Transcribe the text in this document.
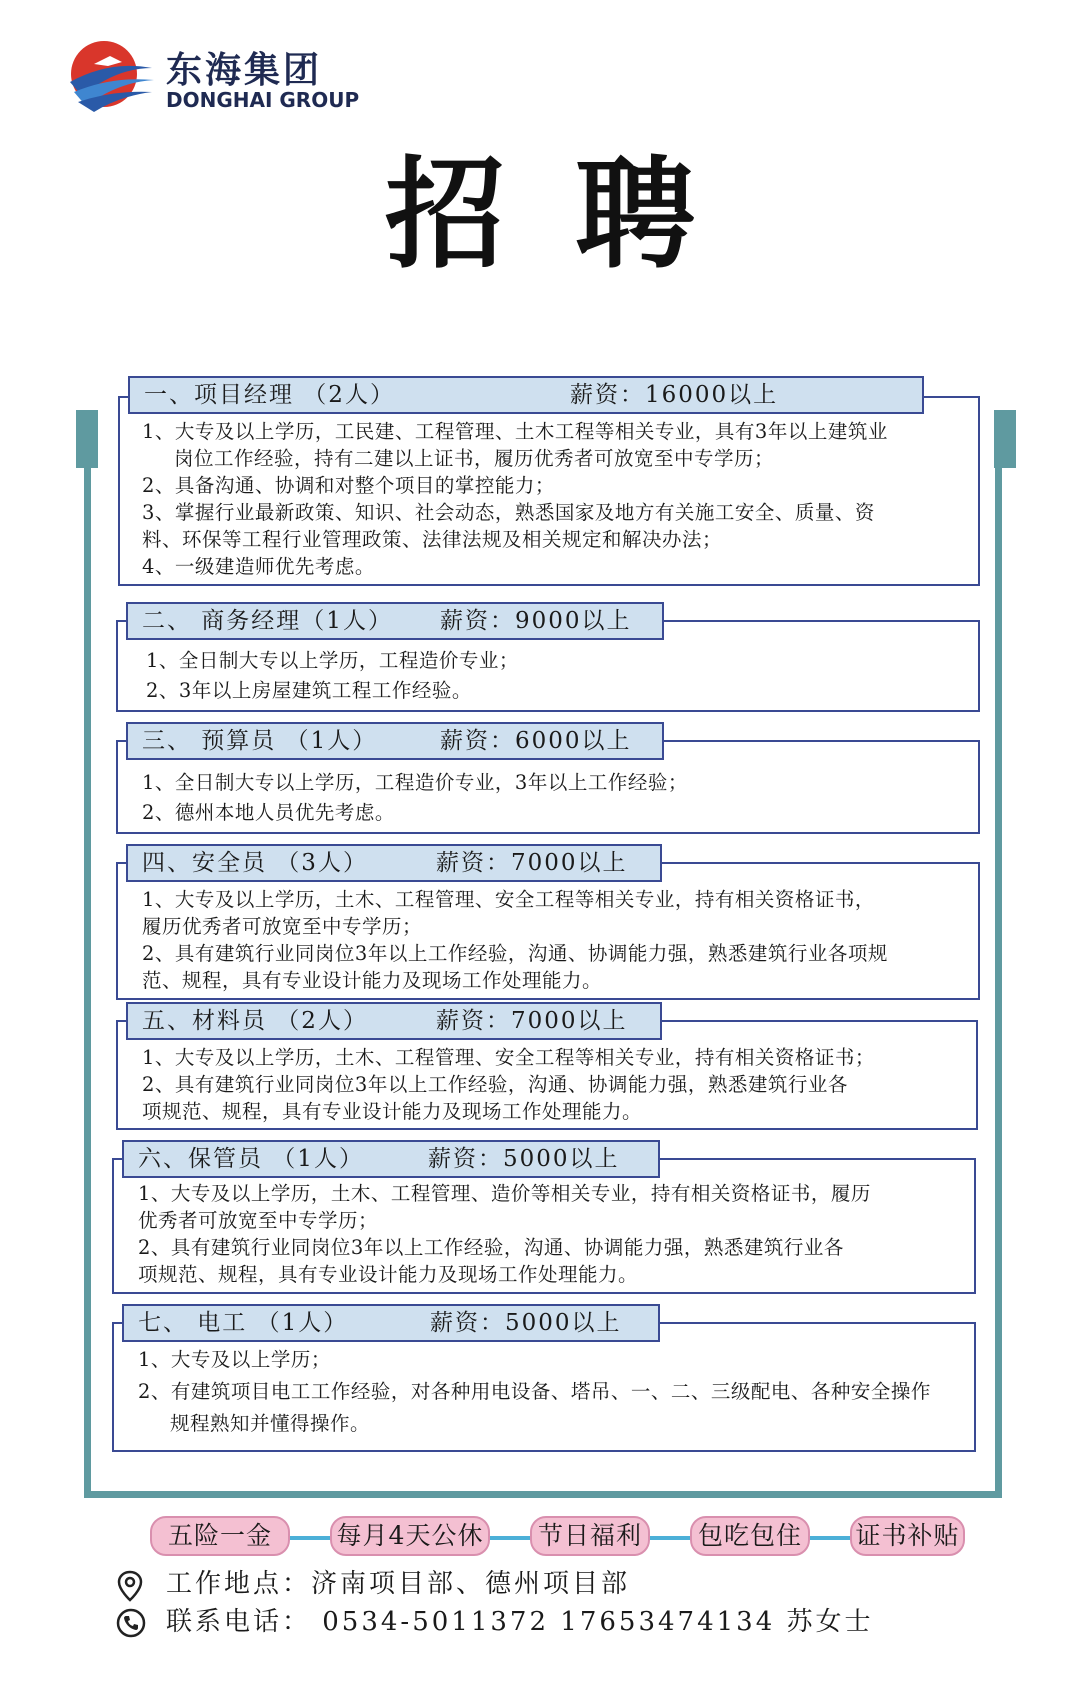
东海集团
DONGHAI GROUP
招聘
一、项目经理 （2人）	薪资：16000以上

1、大专及以上学历，工民建、工程管理、土木工程等相关专业，具有3年以上建筑业

岗位工作经验，持有二建以上证书，履历优秀者可放宽至中专学历；

2、具备沟通、协调和对整个项目的掌控能力；

3、掌握行业最新政策、知识、社会动态，熟悉国家及地方有关施工安全、质量、资

料、环保等工程行业管理政策、法律法规及相关规定和解决办法；

4、一级建造师优先考虑。

二、 商务经理（1人） 薪资：9000以上

1、全日制大专以上学历，工程造价专业；

2、3年以上房屋建筑工程工作经验。

三、 预算员 （1人）	薪资：6000以上

1、全日制大专以上学历，工程造价专业，3年以上工作经验；

2、德州本地人员优先考虑。

四、安全员 （3人）	薪资：7000以上

1、大专及以上学历，土木、工程管理、安全工程等相关专业，持有相关资格证书，

履历优秀者可放宽至中专学历；

2、具有建筑行业同岗位3年以上工作经验，沟通、协调能力强，熟悉建筑行业各项规

范、规程，具有专业设计能力及现场工作处理能力。

五、材料员 （2人）	薪资：7000以上

1、大专及以上学历，土木、工程管理、安全工程等相关专业，持有相关资格证书；

2、具有建筑行业同岗位3年以上工作经验，沟通、协调能力强，熟悉建筑行业各

项规范、规程，具有专业设计能力及现场工作处理能力。

六、保管员 （1人）	薪资：5000以上

1、大专及以上学历，土木、工程管理、造价等相关专业，持有相关资格证书，履历

优秀者可放宽至中专学历；

2、具有建筑行业同岗位3年以上工作经验，沟通、协调能力强，熟悉建筑行业各

项规范、规程，具有专业设计能力及现场工作处理能力。

七、 电工 （1人）	薪资：5000以上

1、大专及以上学历；

2、有建筑项目电工工作经验，对各种用电设备、塔吊、一、二、三级配电、各种安全操作

规程熟知并懂得操作。

五险一金	每月4天公休	节日福利	包吃包住	证书补贴
工作地点：济南项目部、德州项目部
联系电话： 0534-5011372 17653474134 苏女士
